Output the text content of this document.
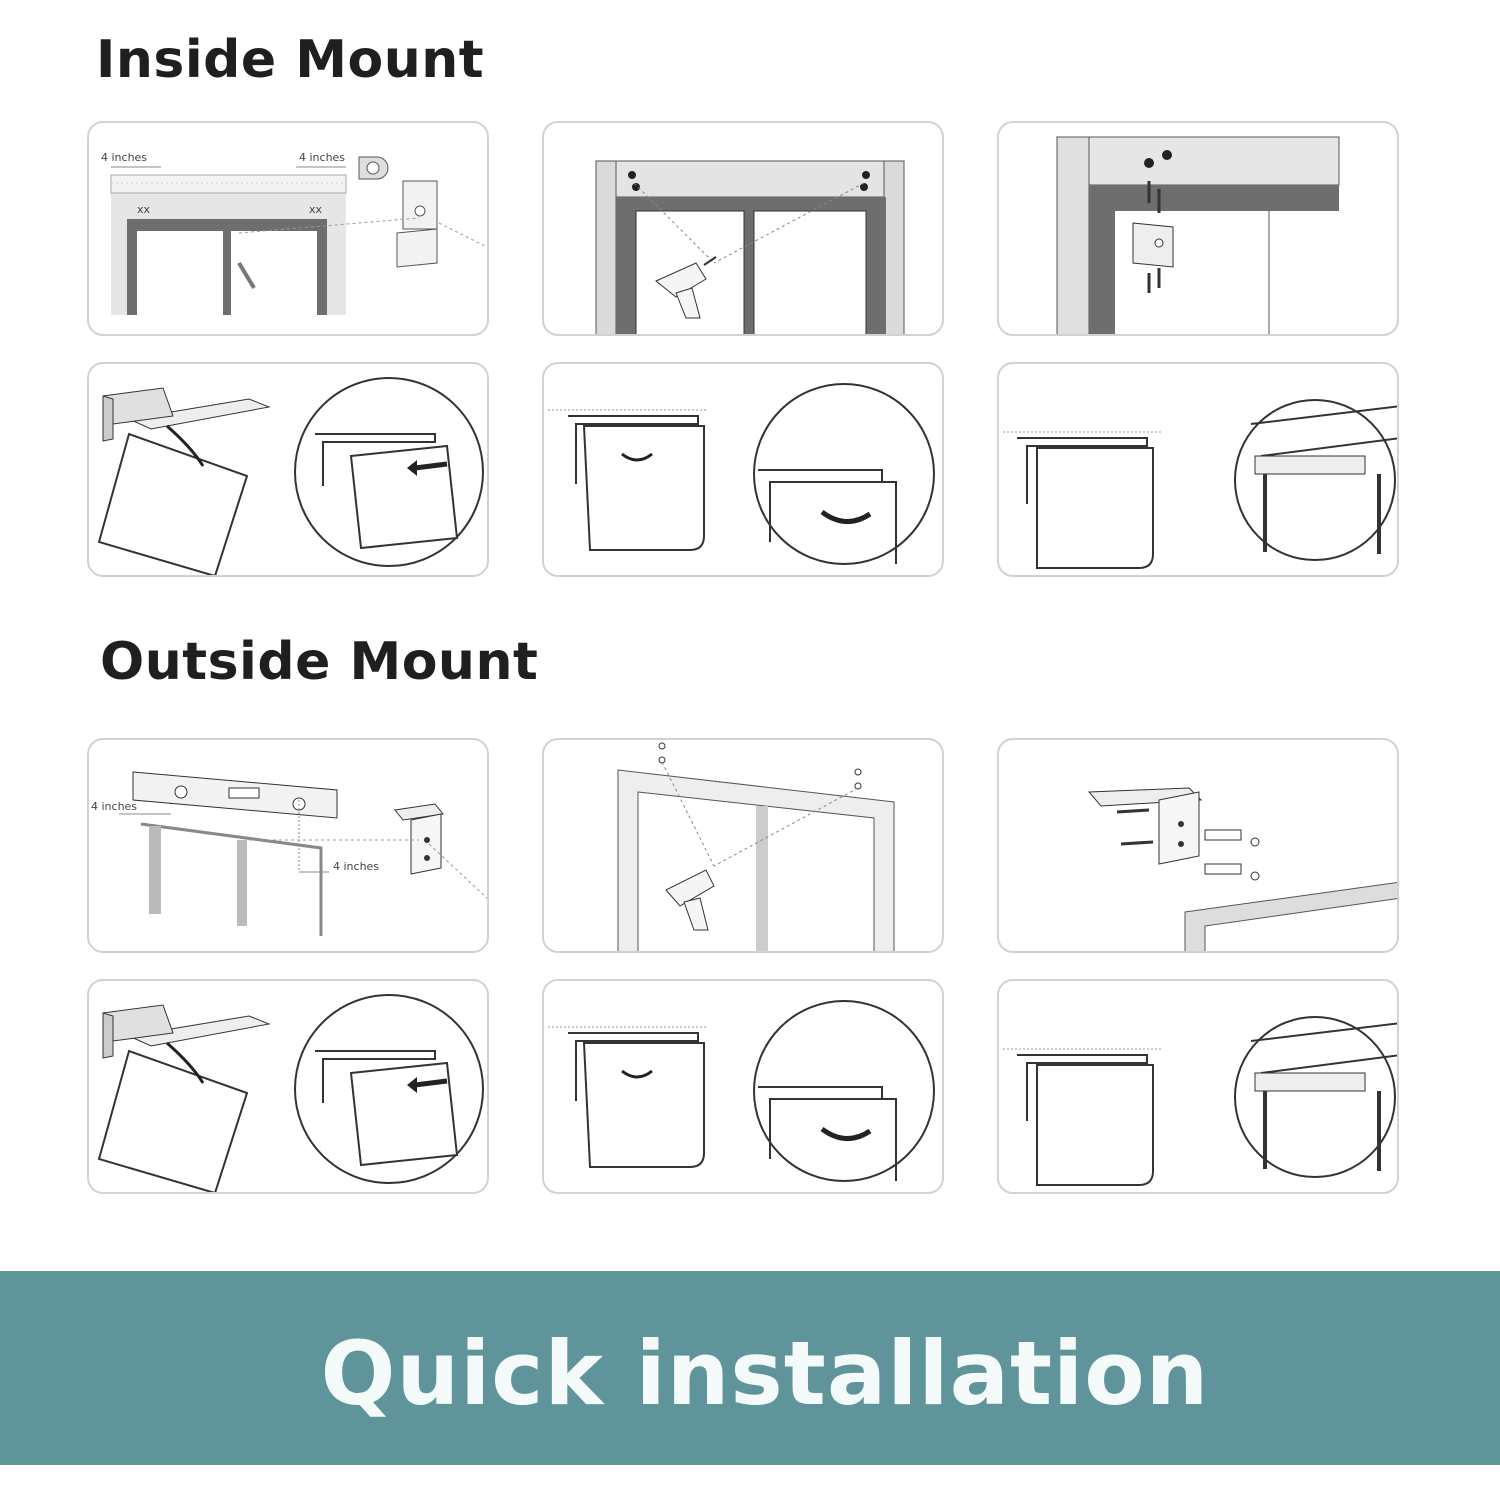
Inside Mount
xx	xx
4 inches	4 inches
Outside Mount
4 inches
4 inches
Quick installation
